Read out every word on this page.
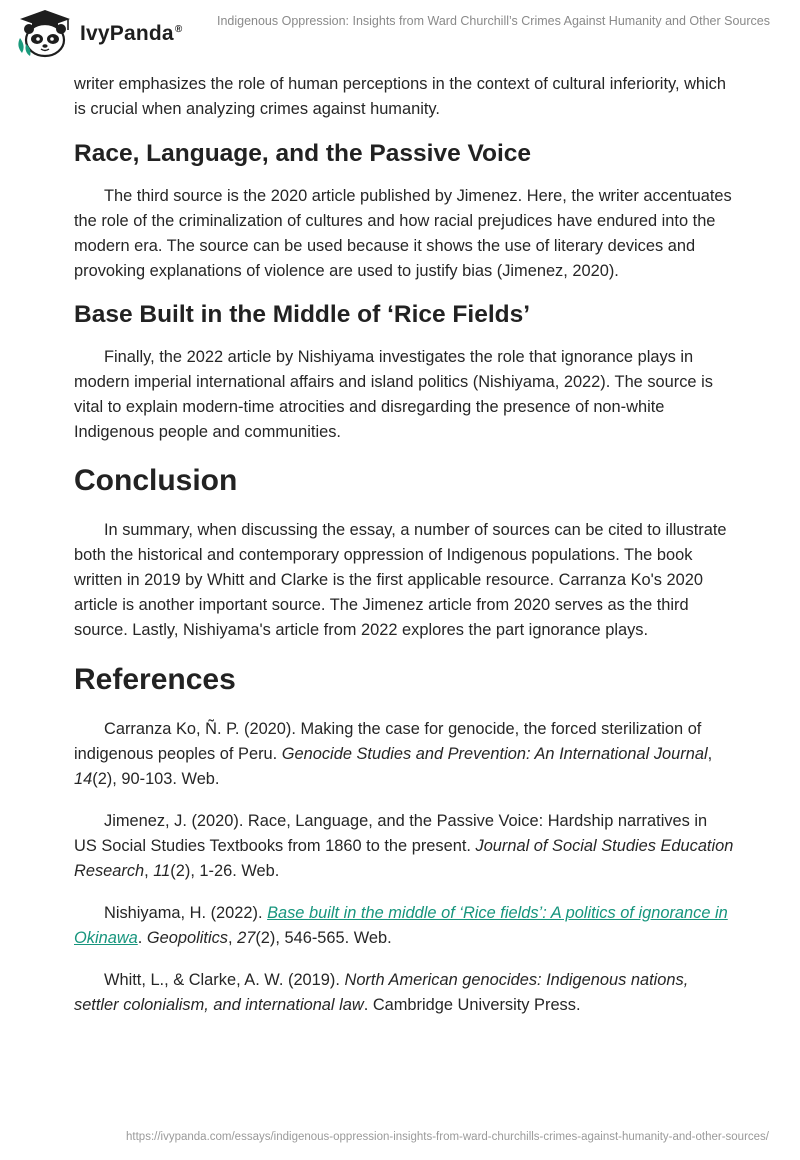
IvyPanda®
Indigenous Oppression: Insights from Ward Churchill’s Crimes Against Humanity and Other Sources

writer emphasizes the role of human perceptions in the context of cultural inferiority, which is crucial when analyzing crimes against humanity.

Race, Language, and the Passive Voice

The third source is the 2020 article published by Jimenez. Here, the writer accentuates the role of the criminalization of cultures and how racial prejudices have endured into the modern era. The source can be used because it shows the use of literary devices and provoking explanations of violence are used to justify bias (Jimenez, 2020).

Base Built in the Middle of ‘Rice Fields’

Finally, the 2022 article by Nishiyama investigates the role that ignorance plays in modern imperial international affairs and island politics (Nishiyama, 2022). The source is vital to explain modern-time atrocities and disregarding the presence of non-white Indigenous people and communities.

Conclusion

In summary, when discussing the essay, a number of sources can be cited to illustrate both the historical and contemporary oppression of Indigenous populations. The book written in 2019 by Whitt and Clarke is the first applicable resource. Carranza Ko's 2020 article is another important source. The Jimenez article from 2020 serves as the third source. Lastly, Nishiyama's article from 2022 explores the part ignorance plays.

References

Carranza Ko, Ñ. P. (2020). Making the case for genocide, the forced sterilization of indigenous peoples of Peru. Genocide Studies and Prevention: An International Journal, 14(2), 90-103. Web.

Jimenez, J. (2020). Race, Language, and the Passive Voice: Hardship narratives in US Social Studies Textbooks from 1860 to the present. Journal of Social Studies Education Research, 11(2), 1-26. Web.

Nishiyama, H. (2022). Base built in the middle of ‘Rice fields’: A politics of ignorance in Okinawa. Geopolitics, 27(2), 546-565. Web.

Whitt, L., & Clarke, A. W. (2019). North American genocides: Indigenous nations, settler colonialism, and international law. Cambridge University Press.

https://ivypanda.com/essays/indigenous-oppression-insights-from-ward-churchills-crimes-against-humanity-and-other-sources/
